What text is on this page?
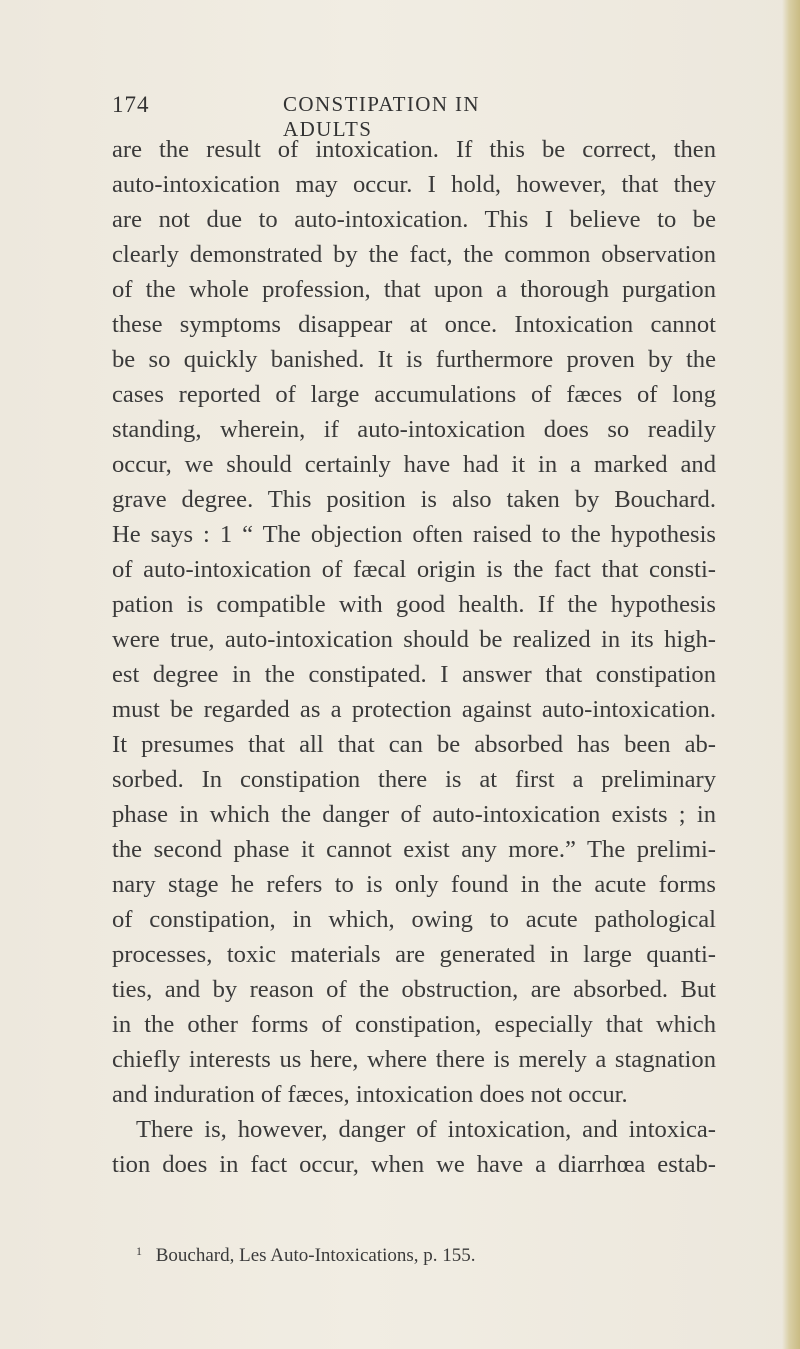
174	CONSTIPATION IN ADULTS
are the result of intoxication. If this be correct, then
auto-intoxication may occur. I hold, however, that they
are not due to auto-intoxication. This I believe to be
clearly demonstrated by the fact, the common observation
of the whole profession, that upon a thorough purgation
these symptoms disappear at once. Intoxication cannot
be so quickly banished. It is furthermore proven by the
cases reported of large accumulations of fæces of long
standing, wherein, if auto-intoxication does so readily
occur, we should certainly have had it in a marked and
grave degree. This position is also taken by Bouchard.
He says : 1 “ The objection often raised to the hypothesis
of auto-intoxication of fæcal origin is the fact that consti-
pation is compatible with good health. If the hypothesis
were true, auto-intoxication should be realized in its high-
est degree in the constipated. I answer that constipation
must be regarded as a protection against auto-intoxication.
It presumes that all that can be absorbed has been ab-
sorbed. In constipation there is at first a preliminary
phase in which the danger of auto-intoxication exists ; in
the second phase it cannot exist any more.” The prelimi-
nary stage he refers to is only found in the acute forms
of constipation, in which, owing to acute pathological
processes, toxic materials are generated in large quanti-
ties, and by reason of the obstruction, are absorbed. But
in the other forms of constipation, especially that which
chiefly interests us here, where there is merely a stagnation
and induration of fæces, intoxication does not occur.
There is, however, danger of intoxication, and intoxica-
tion does in fact occur, when we have a diarrhœa estab-
$^1$ Bouchard, Les Auto-Intoxications, p. 155.
